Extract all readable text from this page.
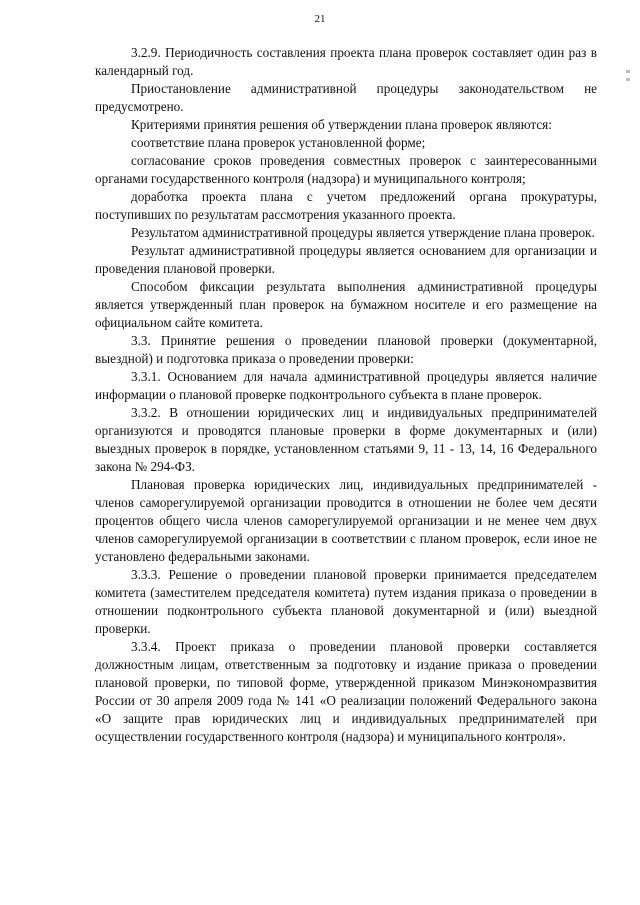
21

3.2.9. Периодичность составления проекта плана проверок составляет один раз в календарный год.

Приостановление административной процедуры законодательством не предусмотрено.

Критериями принятия решения об утверждении плана проверок являются:

соответствие плана проверок установленной форме;

согласование сроков проведения совместных проверок с заинтересованными органами государственного контроля (надзора) и муниципального контроля;

доработка проекта плана с учетом предложений органа прокуратуры, поступивших по результатам рассмотрения указанного проекта.

Результатом административной процедуры является утверждение плана проверок.

Результат административной процедуры является основанием для организации и проведения плановой проверки.

Способом фиксации результата выполнения административной процедуры является утвержденный план проверок на бумажном носителе и его размещение на официальном сайте комитета.

3.3. Принятие решения о проведении плановой проверки (документарной, выездной) и подготовка приказа о проведении проверки:

3.3.1. Основанием для начала административной процедуры является наличие информации о плановой проверке подконтрольного субъекта в плане проверок.

3.3.2. В отношении юридических лиц и индивидуальных предпринимателей организуются и проводятся плановые проверки в форме документарных и (или) выездных проверок в порядке, установленном статьями 9, 11 - 13, 14, 16 Федерального закона № 294-ФЗ.

Плановая проверка юридических лиц, индивидуальных предпринимателей - членов саморегулируемой организации проводится в отношении не более чем десяти процентов общего числа членов саморегулируемой организации и не менее чем двух членов саморегулируемой организации в соответствии с планом проверок, если иное не установлено федеральными законами.

3.3.3. Решение о проведении плановой проверки принимается председателем комитета (заместителем председателя комитета) путем издания приказа о проведении в отношении подконтрольного субъекта плановой документарной и (или) выездной проверки.

3.3.4. Проект приказа о проведении плановой проверки составляется должностным лицам, ответственным за подготовку и издание приказа о проведении плановой проверки, по типовой форме, утвержденной приказом Минэкономразвития России от 30 апреля 2009 года № 141 «О реализации положений Федерального закона «О защите прав юридических лиц и индивидуальных предпринимателей при осуществлении государственного контроля (надзора) и муниципального контроля».
